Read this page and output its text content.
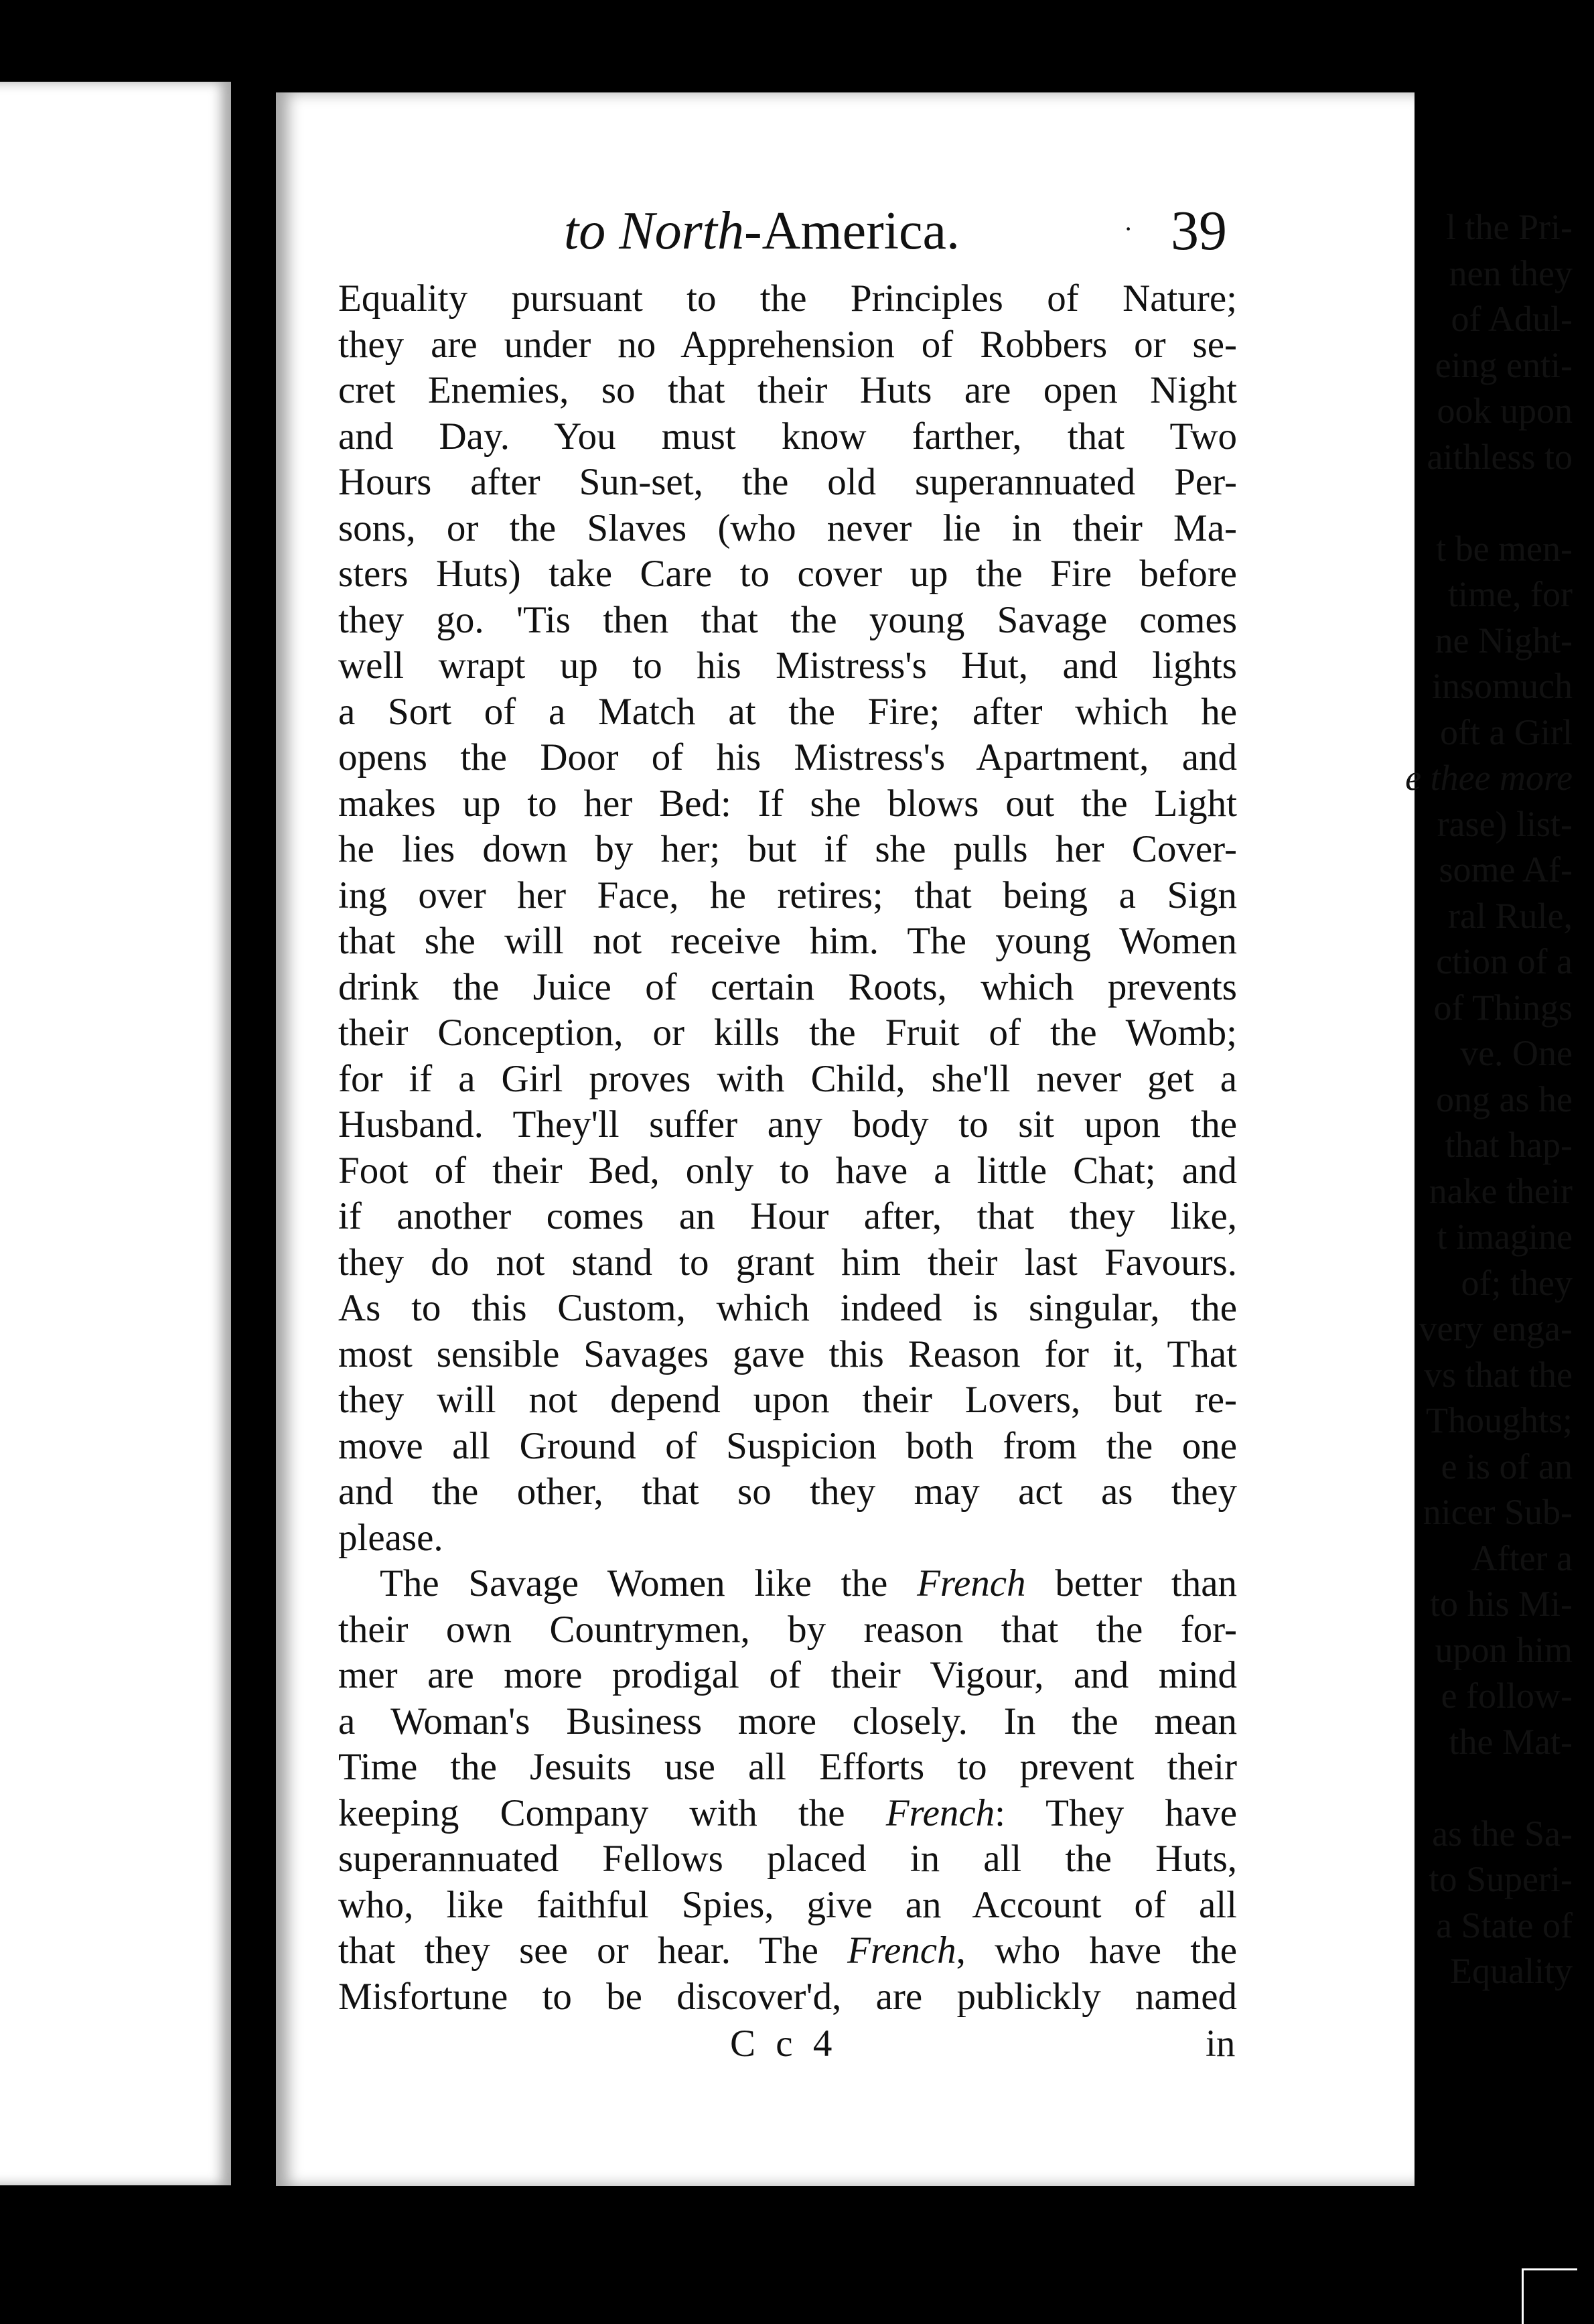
l the Pri-
nen they
of Adul-
eing enti-
ook upon
aithless to
t be men-
time, for
ne Night-
insomuch
oft a Girl
e thee more
rase) list-
some Af-
ral Rule,
ction of a
of Things
ve. One
ong as he
that hap-
nake their
t imagine
of; they
very enga-
vs that the
Thoughts;
e is of an
nicer Sub-
After a
to his Mi-
upon him
e follow-
the Mat-
as the Sa-
to Superi-
a State of
Equality
to North-America.	· 39
Equality pursuant to the Principles of Nature;
they are under no Apprehension of Robbers or se-
cret Enemies, so that their Huts are open Night
and Day. You must know farther, that Two
Hours after Sun-set, the old superannuated Per-
sons, or the Slaves (who never lie in their Ma-
sters Huts) take Care to cover up the Fire before
they go. 'Tis then that the young Savage comes
well wrapt up to his Mistress's Hut, and lights
a Sort of a Match at the Fire; after which he
opens the Door of his Mistress's Apartment, and
makes up to her Bed: If she blows out the Light
he lies down by her; but if she pulls her Cover-
ing over her Face, he retires; that being a Sign
that she will not receive him. The young Women
drink the Juice of certain Roots, which prevents
their Conception, or kills the Fruit of the Womb;
for if a Girl proves with Child, she'll never get a
Husband. They'll suffer any body to sit upon the
Foot of their Bed, only to have a little Chat; and
if another comes an Hour after, that they like,
they do not stand to grant him their last Favours.
As to this Custom, which indeed is singular, the
most sensible Savages gave this Reason for it, That
they will not depend upon their Lovers, but re-
move all Ground of Suspicion both from the one
and the other, that so they may act as they
please.
The Savage Women like the French better than
their own Countrymen, by reason that the for-
mer are more prodigal of their Vigour, and mind
a Woman's Business more closely. In the mean
Time the Jesuits use all Efforts to prevent their
keeping Company with the French: They have
superannuated Fellows placed in all the Huts,
who, like faithful Spies, give an Account of all
that they see or hear. The French, who have the
Misfortune to be discover'd, are publickly named
C c 4	in
